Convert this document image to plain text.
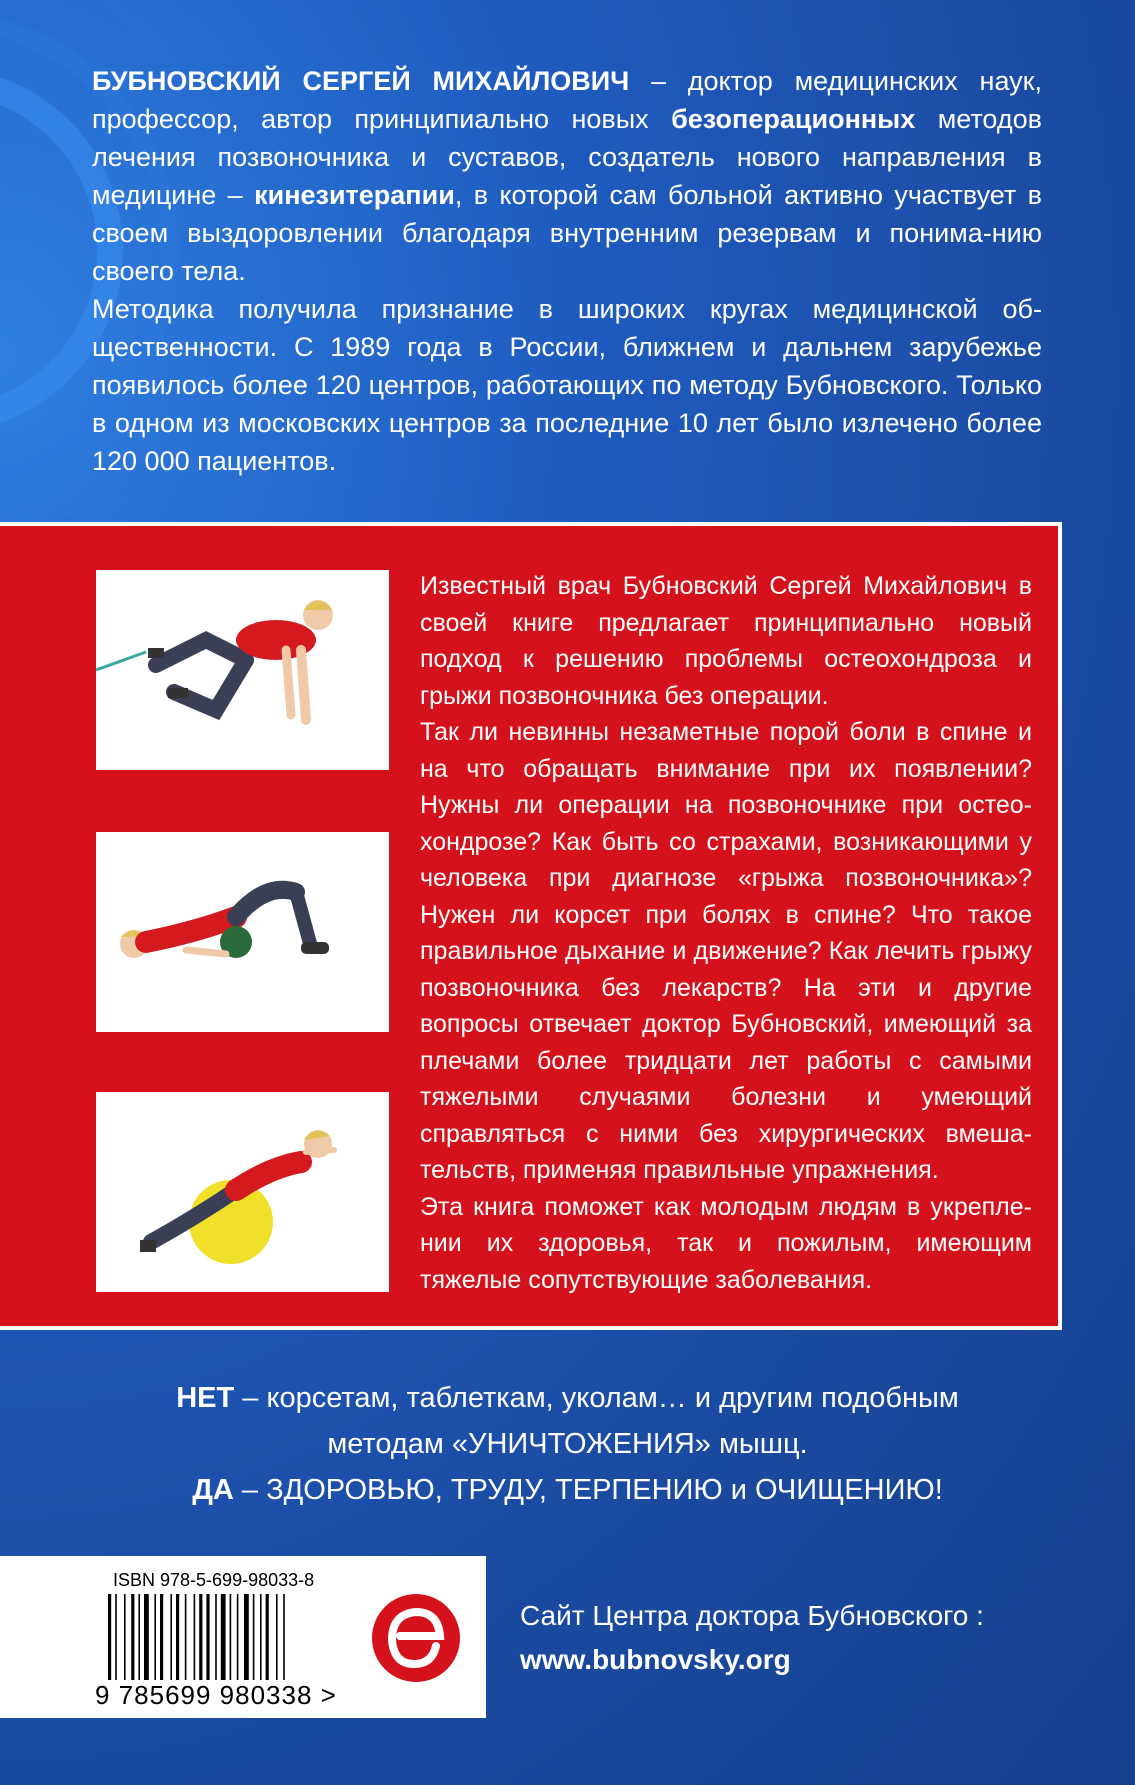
БУБНОВСКИЙ СЕРГЕЙ МИХАЙЛОВИЧ – доктор медицинских наук, профессор, автор принципиально новых безоперационных методов лечения позвоночника и суставов, создатель нового направления в медицине – кинезитерапии, в которой сам больной активно участвует в своем выздоровлении благодаря внутренним резервам и понима-нию своего тела.

Методика получила признание в широких кругах медицинской об-щественности. С 1989 года в России, ближнем и дальнем зарубежье появилось более 120 центров, работающих по методу Бубновского. Только в одном из московских центров за последние 10 лет было излечено более 120 000 пациентов.

Известный врач Бубновский Сергей Михайлович в своей книге предлагает принципиально новый подход к решению проблемы остеохондроза и грыжи позвоночника без операции.

Так ли невинны незаметные порой боли в спине и на что обращать внимание при их появлении? Нужны ли операции на позвоночнике при остео-хондрозе? Как быть со страхами, возникающими у человека при диагнозе «грыжа позвоночника»? Нужен ли корсет при болях в спине? Что такое правильное дыхание и движение? Как лечить грыжу позвоночника без лекарств? На эти и другие вопросы отвечает доктор Бубновский, имеющий за плечами более тридцати лет работы с самыми тяжелыми случаями болезни и умеющий справляться с ними без хирургических вмеша-тельств, применяя правильные упражнения.

Эта книга поможет как молодым людям в укрепле-нии их здоровья, так и пожилым, имеющим тяжелые сопутствующие заболевания.

НЕТ – корсетам, таблеткам, уколам… и другим подобным
методам «УНИЧТОЖЕНИЯ» мышц.
ДА – ЗДОРОВЬЮ, ТРУДУ, ТЕРПЕНИЮ и ОЧИЩЕНИЮ!
ISBN 978-5-699-98033-8
9 785699 980338 >
Сайт Центра доктора Бубновского :
www.bubnovsky.org
